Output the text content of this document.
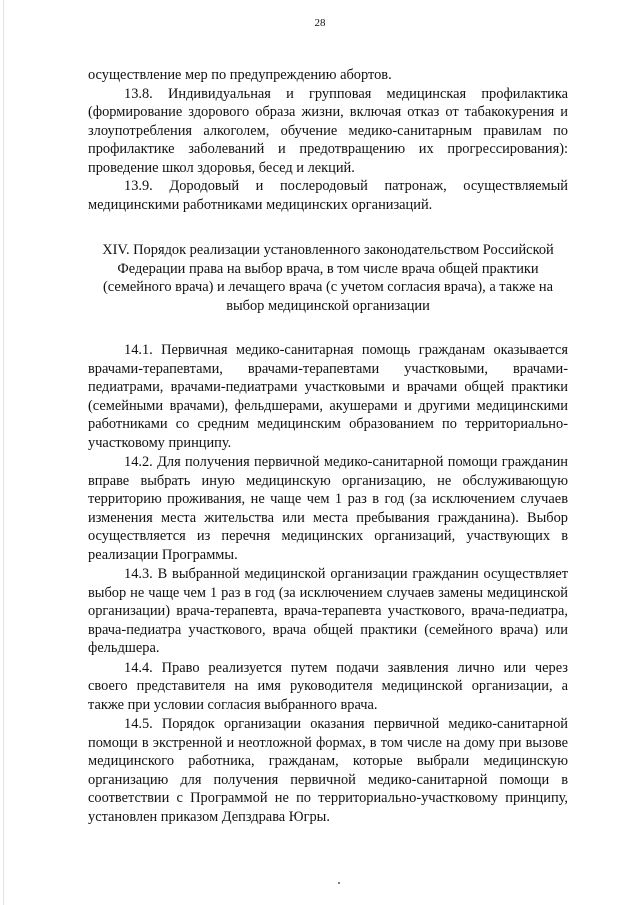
28

осуществление мер по предупреждению абортов.

13.8. Индивидуальная и групповая медицинская профилактика (формирование здорового образа жизни, включая отказ от табакокурения и злоупотребления алкоголем, обучение медико-санитарным правилам по профилактике заболеваний и предотвращению их прогрессирования): проведение школ здоровья, бесед и лекций.

13.9. Дородовый и послеродовый патронаж, осуществляемый медицинскими работниками медицинских организаций.

XIV. Порядок реализации установленного законодательством Российской Федерации права на выбор врача, в том числе врача общей практики (семейного врача) и лечащего врача (с учетом согласия врача), а также на выбор медицинской организации

14.1. Первичная медико-санитарная помощь гражданам оказывается врачами-терапевтами, врачами-терапевтами участковыми, врачами-педиатрами, врачами-педиатрами участковыми и врачами общей практики (семейными врачами), фельдшерами, акушерами и другими медицинскими работниками со средним медицинским образованием по территориально-участковому принципу.

14.2. Для получения первичной медико-санитарной помощи гражданин вправе выбрать иную медицинскую организацию, не обслуживающую территорию проживания, не чаще чем 1 раз в год (за исключением случаев изменения места жительства или места пребывания гражданина). Выбор осуществляется из перечня медицинских организаций, участвующих в реализации Программы.

14.3. В выбранной медицинской организации гражданин осуществляет выбор не чаще чем 1 раз в год (за исключением случаев замены медицинской организации) врача-терапевта, врача-терапевта участкового, врача-педиатра, врача-педиатра участкового, врача общей практики (семейного врача) или фельдшера.

14.4. Право реализуется путем подачи заявления лично или через своего представителя на имя руководителя медицинской организации, а также при условии согласия выбранного врача.

14.5. Порядок организации оказания первичной медико-санитарной помощи в экстренной и неотложной формах, в том числе на дому при вызове медицинского работника, гражданам, которые выбрали медицинскую организацию для получения первичной медико-санитарной помощи в соответствии с Программой не по территориально-участковому принципу, установлен приказом Депздрава Югры.
